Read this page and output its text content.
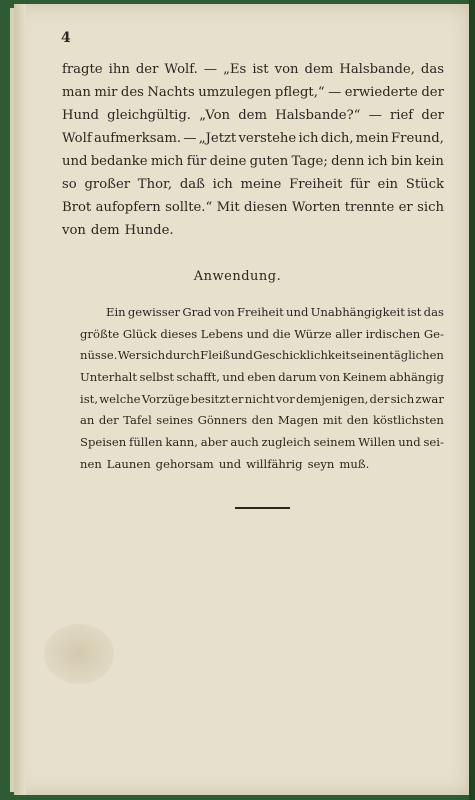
4
fragte ihn der Wolf. — „Es ist von dem Halsbande, das
man mir des Nachts umzulegen pflegt,“ — erwiederte der
Hund gleichgültig. „Von dem Halsbande?“ — rief der
Wolf aufmerksam. — „Jetzt verstehe ich dich, mein Freund,
und bedanke mich für deine guten Tage; denn ich bin kein
so großer Thor, daß ich meine Freiheit für ein Stück
Brot aufopfern sollte.“ Mit diesen Worten trennte er sich
von dem Hunde.
Anwendung.
Ein gewisser Grad von Freiheit und Unabhängigkeit ist das
größte Glück dieses Lebens und die Würze aller irdischen Ge-
nüsse. Wer sich durch Fleiß und Geschicklichkeit seinen täglichen
Unterhalt selbst schafft, und eben darum von Keinem abhängig
ist, welche Vorzüge besitzt er nicht vor demjenigen, der sich zwar
an der Tafel seines Gönners den Magen mit den köstlichsten
Speisen füllen kann, aber auch zugleich seinem Willen und sei-
nen Launen gehorsam und willfährig seyn muß.
